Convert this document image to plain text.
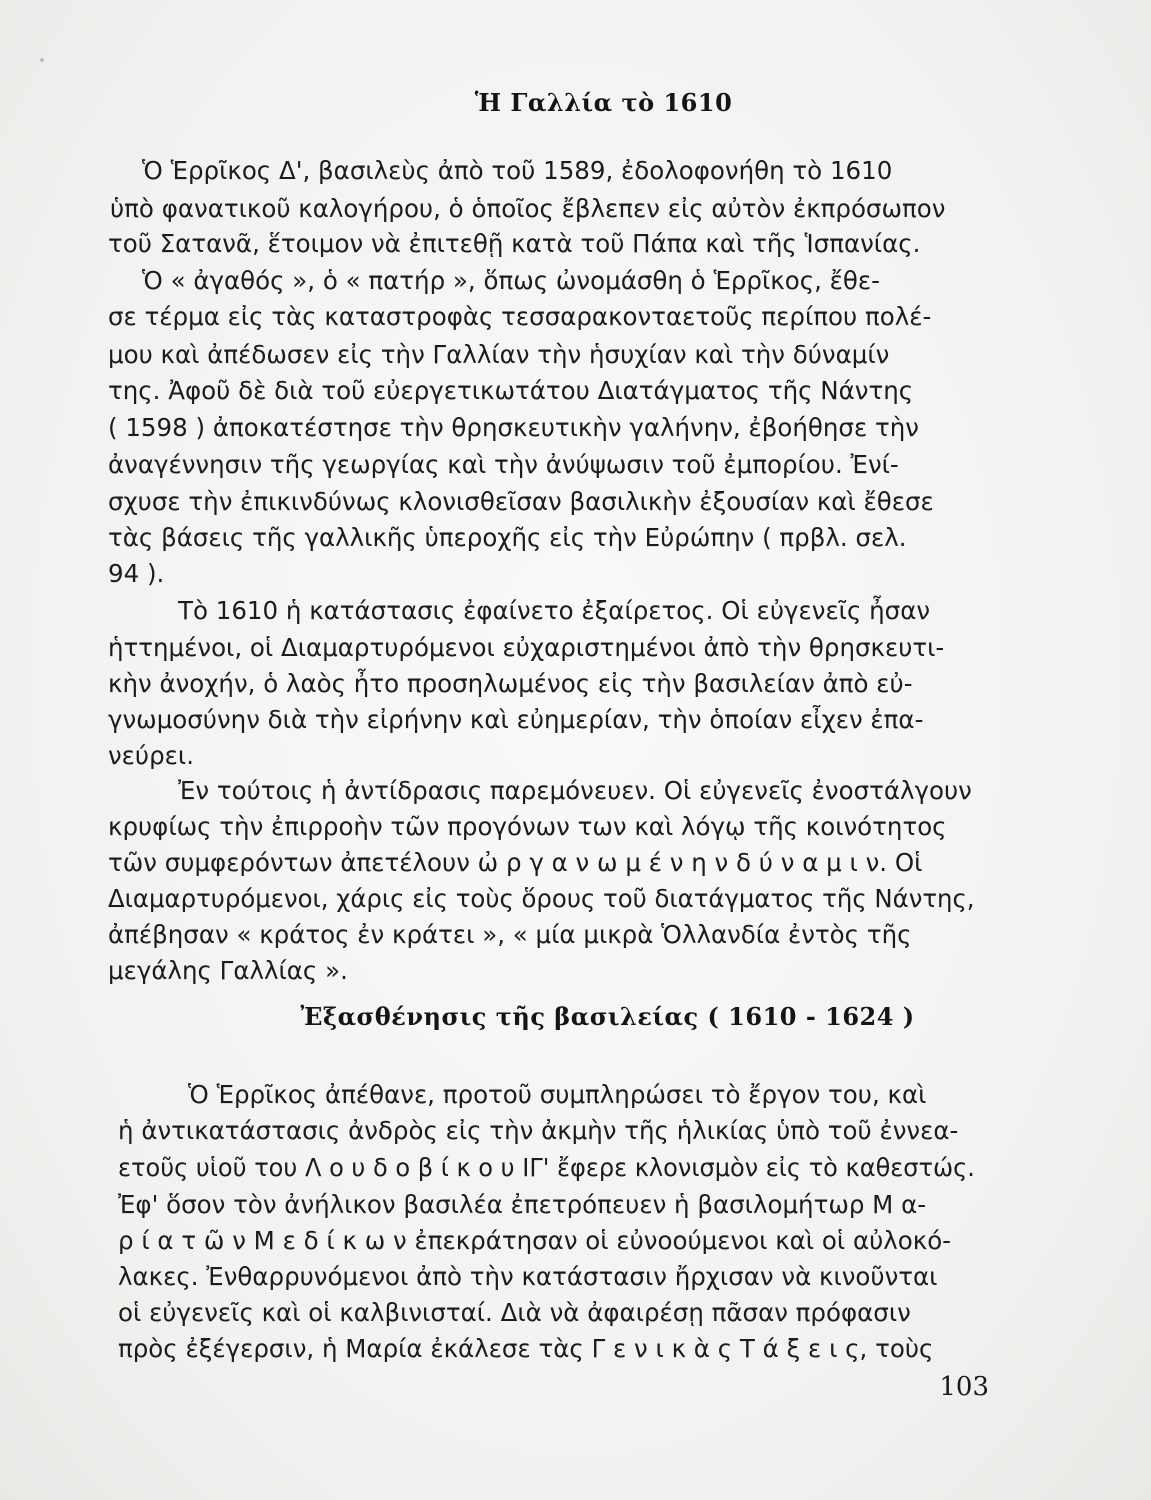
Ἡ Γαλλία τὸ 1610
Ὁ Ἑρρῖκος Δ', βασιλεὺς ἀπὸ τοῦ 1589, ἐδολοφονήθη τὸ 1610
ὑπὸ φανατικοῦ καλογήρου, ὁ ὁποῖος ἔβλεπεν εἰς αὐτὸν ἐκπρόσωπον
τοῦ Σατανᾶ, ἕτοιμον νὰ ἐπιτεθῇ κατὰ τοῦ Πάπα καὶ τῆς Ἱσπανίας.
Ὁ « ἀγαθός », ὁ « πατήρ », ὅπως ὠνομάσθη ὁ Ἑρρῖκος, ἔθε-
σε τέρμα εἰς τὰς καταστροφὰς τεσσαρακονταετοῦς περίπου πολέ-
μου καὶ ἀπέδωσεν εἰς τὴν Γαλλίαν τὴν ἡσυχίαν καὶ τὴν δύναμίν
της. Ἀφοῦ δὲ διὰ τοῦ εὐεργετικωτάτου Διατάγματος τῆς Νάντης
( 1598 ) ἀποκατέστησε τὴν θρησκευτικὴν γαλήνην, ἐβοήθησε τὴν
ἀναγέννησιν τῆς γεωργίας καὶ τὴν ἀνύψωσιν τοῦ ἐμπορίου. Ἐνί-
σχυσε τὴν ἐπικινδύνως κλονισθεῖσαν βασιλικὴν ἐξουσίαν καὶ ἔθεσε
τὰς βάσεις τῆς γαλλικῆς ὑπεροχῆς εἰς τὴν Εὐρώπην ( πρβλ. σελ.
94 ).
Τὸ 1610 ἡ κατάστασις ἐφαίνετο ἐξαίρετος. Οἱ εὐγενεῖς ἦσαν
ἡττημένοι, οἱ Διαμαρτυρόμενοι εὐχαριστημένοι ἀπὸ τὴν θρησκευτι-
κὴν ἀνοχήν, ὁ λαὸς ἦτο προσηλωμένος εἰς τὴν βασιλείαν ἀπὸ εὐ-
γνωμοσύνην διὰ τὴν εἰρήνην καὶ εὐημερίαν, τὴν ὁποίαν εἶχεν ἐπα-
νεύρει.
Ἐν τούτοις ἡ ἀντίδρασις παρεμόνευεν. Οἱ εὐγενεῖς ἐνοστάλγουν
κρυφίως τὴν ἐπιρροὴν τῶν προγόνων των καὶ λόγῳ τῆς κοινότητος
τῶν συμφερόντων ἀπετέλουν ὠ ρ γ α ν ω μ έ ν η ν δ ύ ν α μ ι ν. Οἱ
Διαμαρτυρόμενοι, χάρις εἰς τοὺς ὅρους τοῦ διατάγματος τῆς Νάντης,
ἀπέβησαν « κράτος ἐν κράτει », « μία μικρὰ Ὁλλανδία ἐντὸς τῆς
μεγάλης Γαλλίας ».
Ἐξασθένησις τῆς βασιλείας ( 1610 - 1624 )
Ὁ Ἑρρῖκος ἀπέθανε, προτοῦ συμπληρώσει τὸ ἔργον του, καὶ
ἡ ἀντικατάστασις ἀνδρὸς εἰς τὴν ἀκμὴν τῆς ἡλικίας ὑπὸ τοῦ ἐννεα-
ετοῦς υἱοῦ του Λ ο υ δ ο β ί κ ο υ ΙΓ' ἔφερε κλονισμὸν εἰς τὸ καθεστώς.
Ἐφ' ὅσον τὸν ἀνήλικον βασιλέα ἐπετρόπευεν ἡ βασιλομήτωρ Μ α-
ρ ί α τ ῶ ν Μ ε δ ί κ ω ν ἐπεκράτησαν οἱ εὐνοούμενοι καὶ οἱ αὐλοκό-
λακες. Ἐνθαρρυνόμενοι ἀπὸ τὴν κατάστασιν ἤρχισαν νὰ κινοῦνται
οἱ εὐγενεῖς καὶ οἱ καλβινισταί. Διὰ νὰ ἀφαιρέσῃ πᾶσαν πρόφασιν
πρὸς ἐξέγερσιν, ἡ Μαρία ἐκάλεσε τὰς Γ ε ν ι κ ὰ ς Τ ά ξ ε ι ς, τοὺς
103
